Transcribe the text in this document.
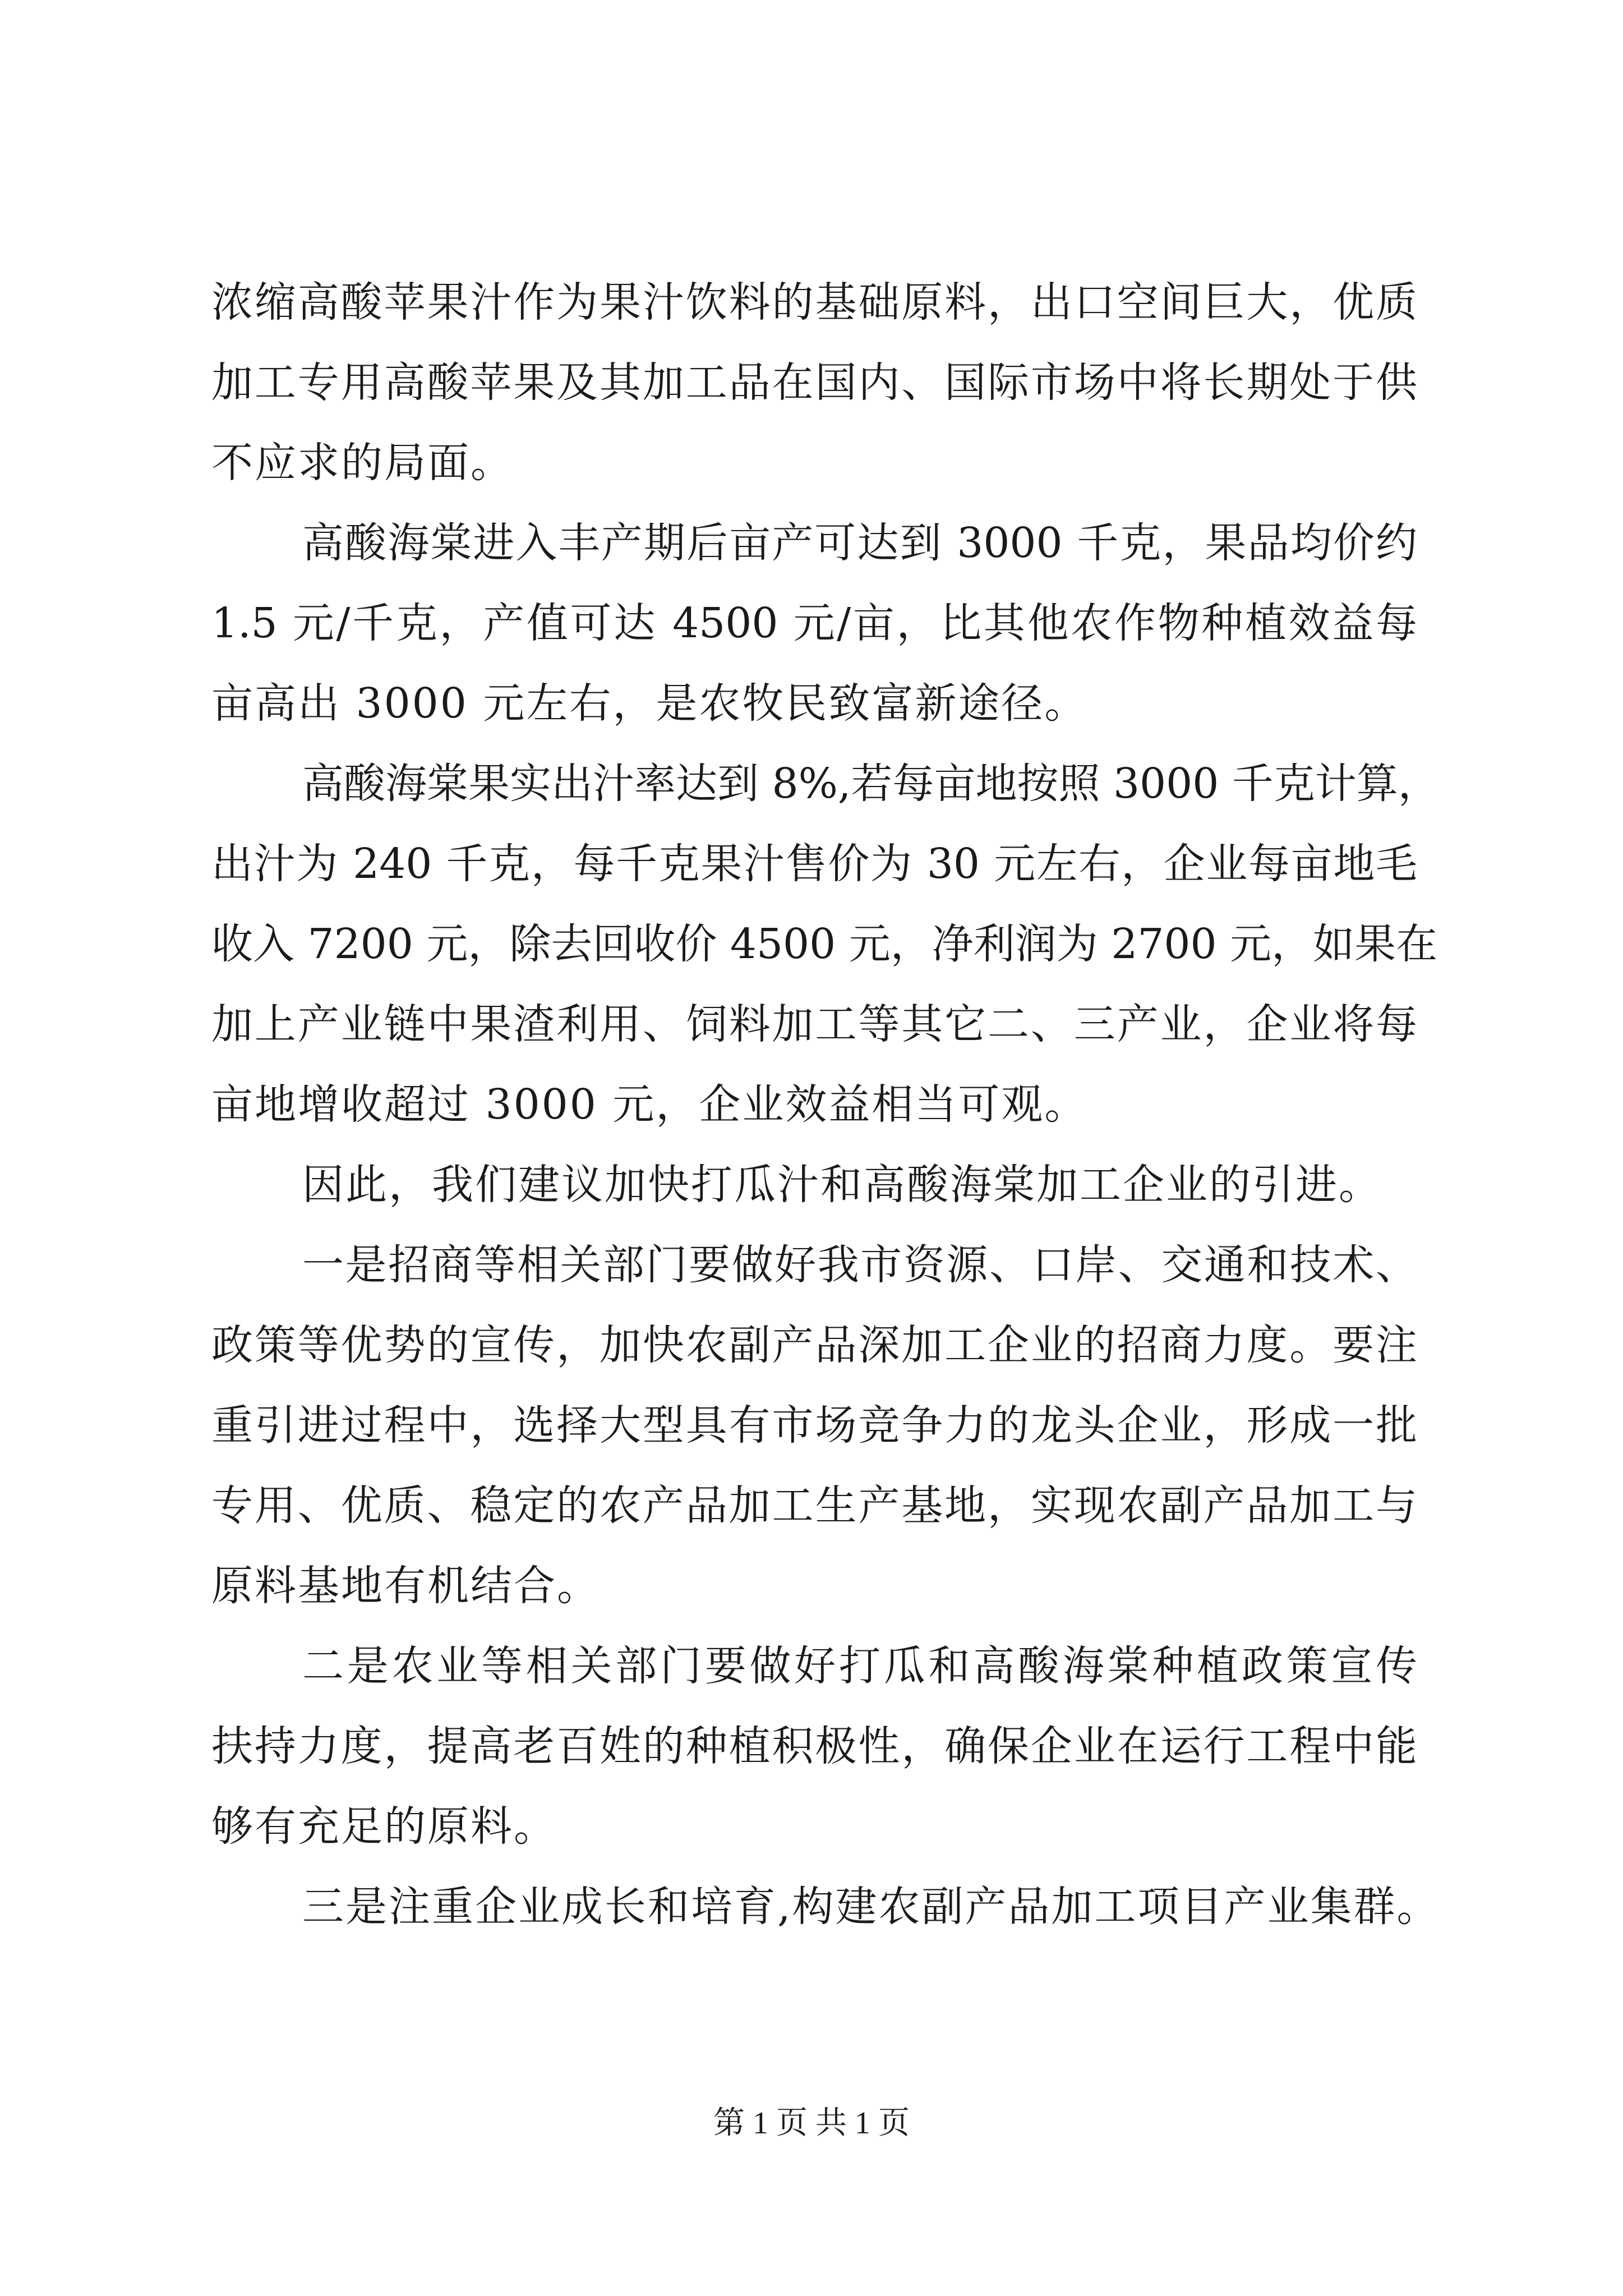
浓缩高酸苹果汁作为果汁饮料的基础原料，出口空间巨大，优质
加工专用高酸苹果及其加工品在国内、国际市场中将长期处于供
不应求的局面。
高酸海棠进入丰产期后亩产可达到 3000 千克，果品均价约
1.5 元/千克，产值可达 4500 元/亩，比其他农作物种植效益每
亩高出 3000 元左右，是农牧民致富新途径。
高酸海棠果实出汁率达到 8%,若每亩地按照 3000 千克计算，
出汁为 240 千克，每千克果汁售价为 30 元左右，企业每亩地毛
收入 7200 元，除去回收价 4500 元，净利润为 2700 元，如果在
加上产业链中果渣利用、饲料加工等其它二、三产业，企业将每
亩地增收超过 3000 元，企业效益相当可观。
因此，我们建议加快打瓜汁和高酸海棠加工企业的引进。
一是招商等相关部门要做好我市资源、口岸、交通和技术、
政策等优势的宣传，加快农副产品深加工企业的招商力度。要注
重引进过程中，选择大型具有市场竞争力的龙头企业，形成一批
专用、优质、稳定的农产品加工生产基地，实现农副产品加工与
原料基地有机结合。
二是农业等相关部门要做好打瓜和高酸海棠种植政策宣传
扶持力度，提高老百姓的种植积极性，确保企业在运行工程中能
够有充足的原料。
三是注重企业成长和培育,构建农副产品加工项目产业集群。
第 1 页 共 1 页
